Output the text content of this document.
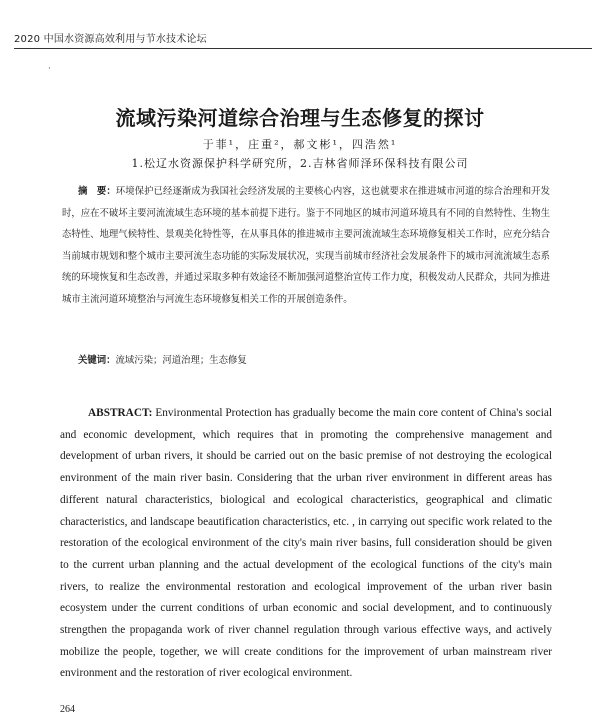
2020 中国水资源高效利用与节水技术论坛
·
流域污染河道综合治理与生态修复的探讨
于菲¹，庄重²，郝文彬¹，四浩然¹
1.松辽水资源保护科学研究所，2.吉林省师泽环保科技有限公司

摘　要：环境保护已经逐渐成为我国社会经济发展的主要核心内容，这也就要求在推进城市河道的综合治理和开发时，应在不破坏主要河流流域生态环境的基本前提下进行。鉴于不同地区的城市河道环境具有不同的自然特性、生物生态特性、地理气候特性、景观美化特性等，在从事具体的推进城市主要河流流域生态环境修复相关工作时，应充分结合当前城市规划和整个城市主要河流生态功能的实际发展状况，实现当前城市经济社会发展条件下的城市河流流域生态系统的环境恢复和生态改善，并通过采取多种有效途径不断加强河道整治宣传工作力度，积极发动人民群众，共同为推进城市主流河道环境整治与河流生态环境修复相关工作的开展创造条件。

关键词：流域污染；河道治理；生态修复

ABSTRACT: Environmental Protection has gradually become the main core content of China's social and economic development, which requires that in promoting the comprehensive management and development of urban rivers, it should be carried out on the basic premise of not destroying the ecological environment of the main river basin. Considering that the urban river environment in different areas has different natural characteristics, biological and ecological characteristics, geographical and climatic characteristics, and landscape beautification characteristics, etc. , in carrying out specific work related to the restoration of the ecological environment of the city's main river basins, full consideration should be given to the current urban planning and the actual development of the ecological functions of the city's main rivers, to realize the environmental restoration and ecological improvement of the urban river basin ecosystem under the current conditions of urban economic and social development, and to continuously strengthen the propaganda work of river channel regulation through various effective ways, and actively mobilize the people, together, we will create conditions for the improvement of urban mainstream river environment and the restoration of river ecological environment.

264
